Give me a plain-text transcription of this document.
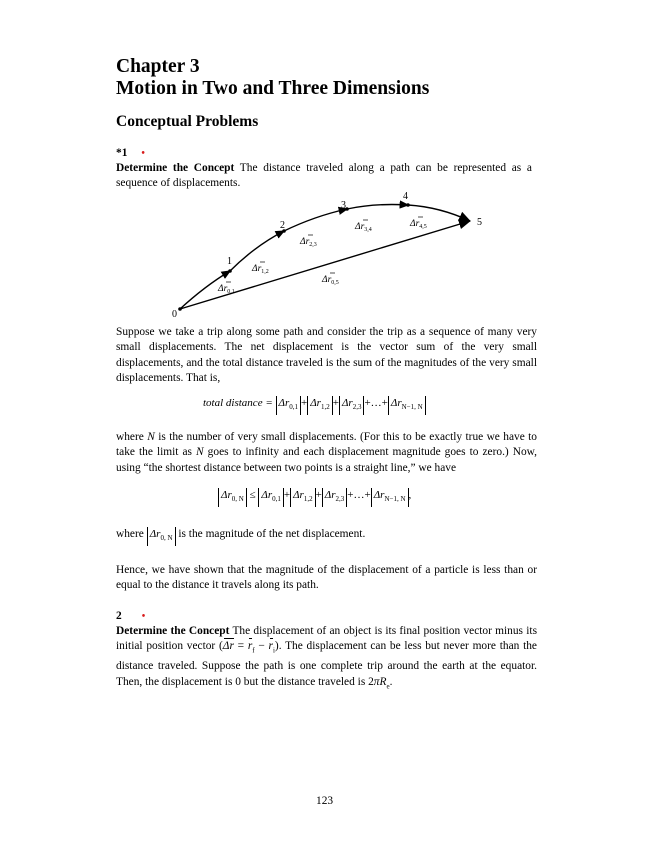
Chapter 3
Motion in Two and Three Dimensions
Conceptual Problems
*1 •
Determine the Concept The distance traveled along a path can be represented as a sequence of displacements.
0
1
2
3
4
5
$\Delta r_{0,1}$
$\Delta r_{1,2}$
$\Delta r_{2,3}$
$\Delta r_{3,4}$
$\Delta r_{4,5}$
$\Delta r_{0,5}$
Suppose we take a trip along some path and consider the trip as a sequence of many very small displacements. The net displacement is the vector sum of the very small displacements, and the total distance traveled is the sum of the magnitudes of the very small displacements. That is,
total distance = $\Delta r_{0,1} + \Delta r_{1,2} + \Delta r_{2,3}$ +…+ $\Delta r_{N-1, N}$
where N is the number of very small displacements. (For this to be exactly true we have to take the limit as N goes to infinity and each displacement magnitude goes to zero.) Now, using “the shortest distance between two points is a straight line,” we have
$\Delta r_{0, N} \le \Delta r_{0,1} + \Delta r_{1,2} + \Delta r_{2,3}$ +…+ $\Delta r_{N-1, N}$ ,
where $\Delta r_{0, N}$ is the magnitude of the net displacement.
Hence, we have shown that the magnitude of the displacement of a particle is less than or equal to the distance it travels along its path.
2 •
Determine the Concept The displacement of an object is its final position vector minus its initial position vector $(\Delta r = r_f - r_i)$. The displacement can be less but never more than the distance traveled. Suppose the path is one complete trip around the earth at the equator. Then, the displacement is 0 but the distance traveled is $2\pi R_e$.
123
